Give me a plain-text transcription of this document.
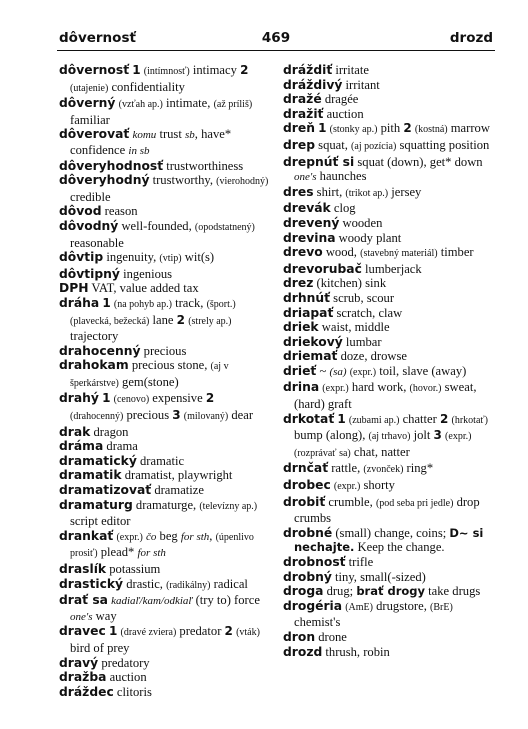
dôvernosť	469	drozd
dôvernosť 1 (intímnosť) intimacy 2 (utajenie) confidentiality
dôverný (vzťah ap.) intimate, (až príliš) familiar
dôverovať komu trust sb, have* confidence in sb
dôveryhodnosť trustworthiness
dôveryhodný trustworthy, (vierohodný) credible
dôvod reason
dôvodný well-founded, (opodstatnený) reasonable
dôvtip ingenuity, (vtip) wit(s)
dôvtipný ingenious
DPH VAT, value added tax
dráha 1 (na pohyb ap.) track, (šport.) (plavecká, bežecká) lane 2 (strely ap.) trajectory
drahocenný precious
drahokam precious stone, (aj v šperkárstve) gem(stone)
drahý 1 (cenovo) expensive 2 (drahocenný) precious 3 (milovaný) dear
drak dragon
dráma drama
dramatický dramatic
dramatik dramatist, playwright
dramatizovať dramatize
dramaturg dramaturge, (televízny ap.) script editor
drankať (expr.) čo beg for sth, (úpenlivo prosiť) plead* for sth
draslík potassium
drastický drastic, (radikálny) radical
drať sa kadiaľ/kam/odkiaľ (try to) force one's way
dravec 1 (dravé zviera) predator 2 (vták) bird of prey
dravý predatory
dražba auction
dráždec clitoris
dráždiť irritate
dráždivý irritant
dražé dragée
dražiť auction
dreň 1 (stonky ap.) pith 2 (kostná) marrow
drep squat, (aj pozícia) squatting position
drepnúť si squat (down), get* down one's haunches
dres shirt, (trikot ap.) jersey
drevák clog
drevený wooden
drevina woody plant
drevo wood, (stavebný materiál) timber
drevorubač lumberjack
drez (kitchen) sink
drhnúť scrub, scour
driapať scratch, claw
driek waist, middle
driekový lumbar
driemať doze, drowse
drieť ~ (sa) (expr.) toil, slave (away)
drina (expr.) hard work, (hovor.) sweat, (hard) graft
drkotať 1 (zubami ap.) chatter 2 (hrkotať) bump (along), (aj trhavo) jolt 3 (expr.) (rozprávať sa) chat, natter
drnčať rattle, (zvonček) ring*
drobec (expr.) shorty
drobiť crumble, (pod seba pri jedle) drop crumbs
drobné (small) change, coins; D~ si nechajte. Keep the change.
drobnosť trifle
drobný tiny, small(-sized)
droga drug; brať drogy take drugs
drogéria (AmE) drugstore, (BrE) chemist's
dron drone
drozd thrush, robin
